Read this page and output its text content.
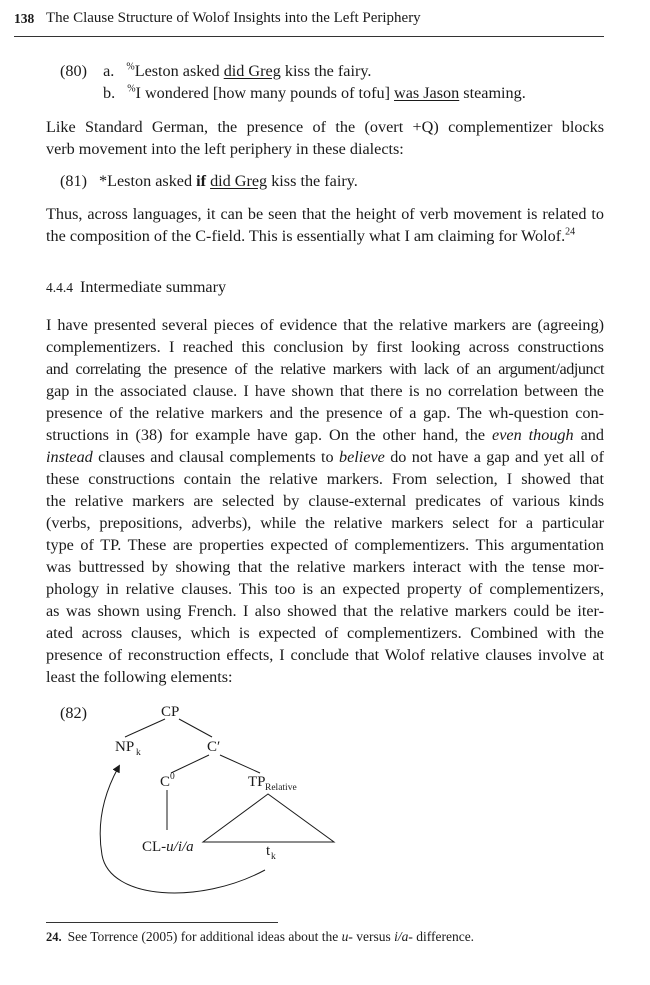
138 The Clause Structure of Wolof Insights into the Left Periphery
(80) a. %Leston asked did Greg kiss the fairy.
b. %I wondered [how many pounds of tofu] was Jason steaming.
Like Standard German, the presence of the (overt +Q) complementizer blocks
verb movement into the left periphery in these dialects:
(81) *Leston asked if did Greg kiss the fairy.
Thus, across languages, it can be seen that the height of verb movement is related to
the composition of the C-field. This is essentially what I am claiming for Wolof.$^{24}$
4.4.4 Intermediate summary
I have presented several pieces of evidence that the relative markers are (agreeing)
complementizers. I reached this conclusion by first looking across constructions
and correlating the presence of the relative markers with lack of an argument/adjunct
gap in the associated clause. I have shown that there is no correlation between the
presence of the relative markers and the presence of a gap. The wh-question con-
structions in (38) for example have gap. On the other hand, the even though and
instead clauses and clausal complements to believe do not have a gap and yet all of
these constructions contain the relative markers. From selection, I showed that
the relative markers are selected by clause-external predicates of various kinds
(verbs, prepositions, adverbs), while the relative markers select for a particular
type of TP. These are properties expected of complementizers. This argumentation
was buttressed by showing that the relative markers interact with the tense mor-
phology in relative clauses. This too is an expected property of complementizers,
as was shown using French. I also showed that the relative markers could be iter-
ated across clauses, which is expected of complementizers. Combined with the
presence of reconstruction effects, I conclude that Wolof relative clauses involve at
least the following elements:
(82)	CP
NP k	C′
C 0	TP Relative
CL-u/i/a	t k
24. See Torrence (2005) for additional ideas about the u- versus i/a- difference.
